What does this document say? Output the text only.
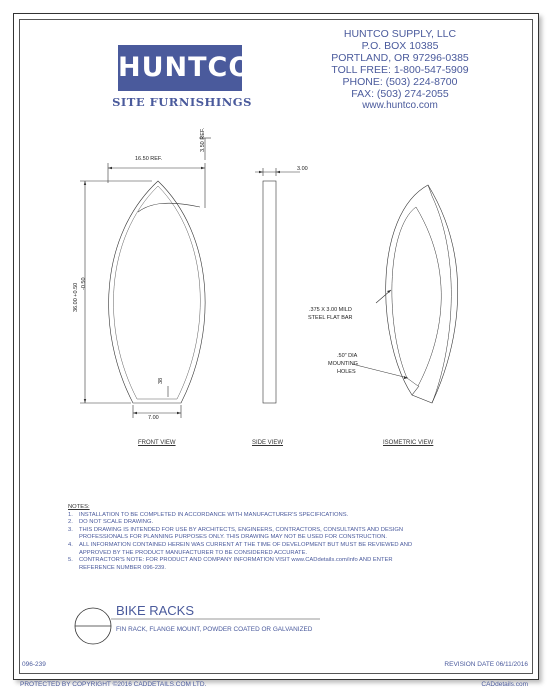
HUNTCO
SITE FURNISHINGS
HUNTCO SUPPLY, LLC
P.O. BOX 10385
PORTLAND, OR 97296-0385
TOLL FREE: 1-800-547-5909
PHONE: (503) 224-8700
FAX: (503) 274-2055
www.huntco.com
16.50 REF.
3.50 REF.
36.00 +0.50 -0.50
7.00
38
3.00
.375 X 3.00 MILD
STEEL FLAT BAR
.50" DIA
MOUNTING
HOLES
FRONT VIEW	SIDE VIEW	ISOMETRIC VIEW
NOTES:
1.	INSTALLATION TO BE COMPLETED IN ACCORDANCE WITH MANUFACTURER'S SPECIFICATIONS.
2.	DO NOT SCALE DRAWING.
3.	THIS DRAWING IS INTENDED FOR USE BY ARCHITECTS, ENGINEERS, CONTRACTORS, CONSULTANTS AND DESIGN
PROFESSIONALS FOR PLANNING PURPOSES ONLY. THIS DRAWING MAY NOT BE USED FOR CONSTRUCTION.
4.	ALL INFORMATION CONTAINED HEREIN WAS CURRENT AT THE TIME OF DEVELOPMENT BUT MUST BE REVIEWED AND
APPROVED BY THE PRODUCT MANUFACTURER TO BE CONSIDERED ACCURATE.
5.	CONTRACTOR'S NOTE: FOR PRODUCT AND COMPANY INFORMATION VISIT www.CADdetails.com/info AND ENTER
REFERENCE NUMBER 096-239.
BIKE RACKS
FIN RACK, FLANGE MOUNT, POWDER COATED OR GALVANIZED
096-239	REVISION DATE 06/11/2016
PROTECTED BY COPYRIGHT ©2016 CADDETAILS.COM LTD.	CADdetails.com
